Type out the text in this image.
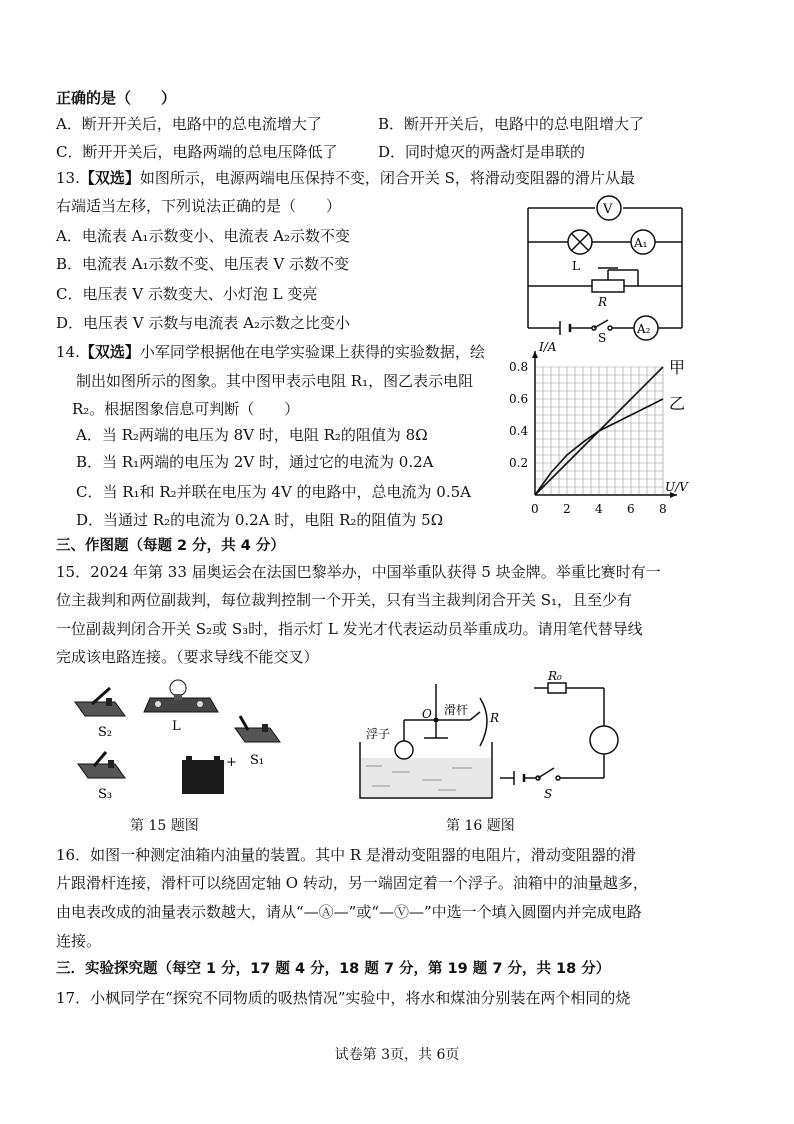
正确的是（　　）
A．断开开关后，电路中的总电流增大了	B．断开开关后，电路中的总电阻增大了
C．断开开关后，电路两端的总电压降低了	D．同时熄灭的两盏灯是串联的
13.【双选】如图所示，电源两端电压保持不变，闭合开关 S，将滑动变阻器的滑片从最
右端适当左移，下列说法正确的是（　　）
A．电流表 A₁示数变小、电流表 A₂示数不变
B．电流表 A₁示数不变、电压表 V 示数不变
C．电压表 V 示数变大、小灯泡 L 变亮
D．电压表 V 示数与电流表 A₂示数之比变小
V
L
A₁
R
S
A₂
14.【双选】小军同学根据他在电学实验课上获得的实验数据，绘
制出如图所示的图象。其中图甲表示电阻 R₁，图乙表示电阻
R₂。根据图象信息可判断（　　）
A．当 R₂两端的电压为 8V 时，电阻 R₂的阻值为 8Ω
B．当 R₁两端的电压为 2V 时，通过它的电流为 0.2A
C．当 R₁和 R₂并联在电压为 4V 的电路中，总电流为 0.5A
D．当通过 R₂的电流为 0.2A 时，电阻 R₂的阻值为 5Ω
I/A
U/V
0 2 4 6 8
0.2
0.4
0.6
0.8	甲
乙
三、作图题（每题 2 分，共 4 分）
15．2024 年第 33 届奥运会在法国巴黎举办，中国举重队获得 5 块金牌。举重比赛时有一
位主裁判和两位副裁判，每位裁判控制一个开关，只有当主裁判闭合开关 S₁，且至少有
一位副裁判闭合开关 S₂或 S₃时，指示灯 L 发光才代表运动员举重成功。请用笔代替导线
完成该电路连接。（要求导线不能交叉）
S₂	L
S₁
S₃
+
第 15 题图
浮子
滑杆
O	R
R₀
S
第 16 题图
16．如图一种测定油箱内油量的装置。其中 R 是滑动变阻器的电阻片，滑动变阻器的滑
片跟滑杆连接，滑杆可以绕固定轴 O 转动，另一端固定着一个浮子。油箱中的油量越多，
由电表改成的油量表示数越大，请从“—Ⓐ—”或“—Ⓥ—”中选一个填入圆圈内并完成电路
连接。
三．实验探究题（每空 1 分，17 题 4 分，18 题 7 分，第 19 题 7 分，共 18 分）
17．小枫同学在“探究不同物质的吸热情况”实验中，将水和煤油分别装在两个相同的烧
试卷第 3页，共 6页
